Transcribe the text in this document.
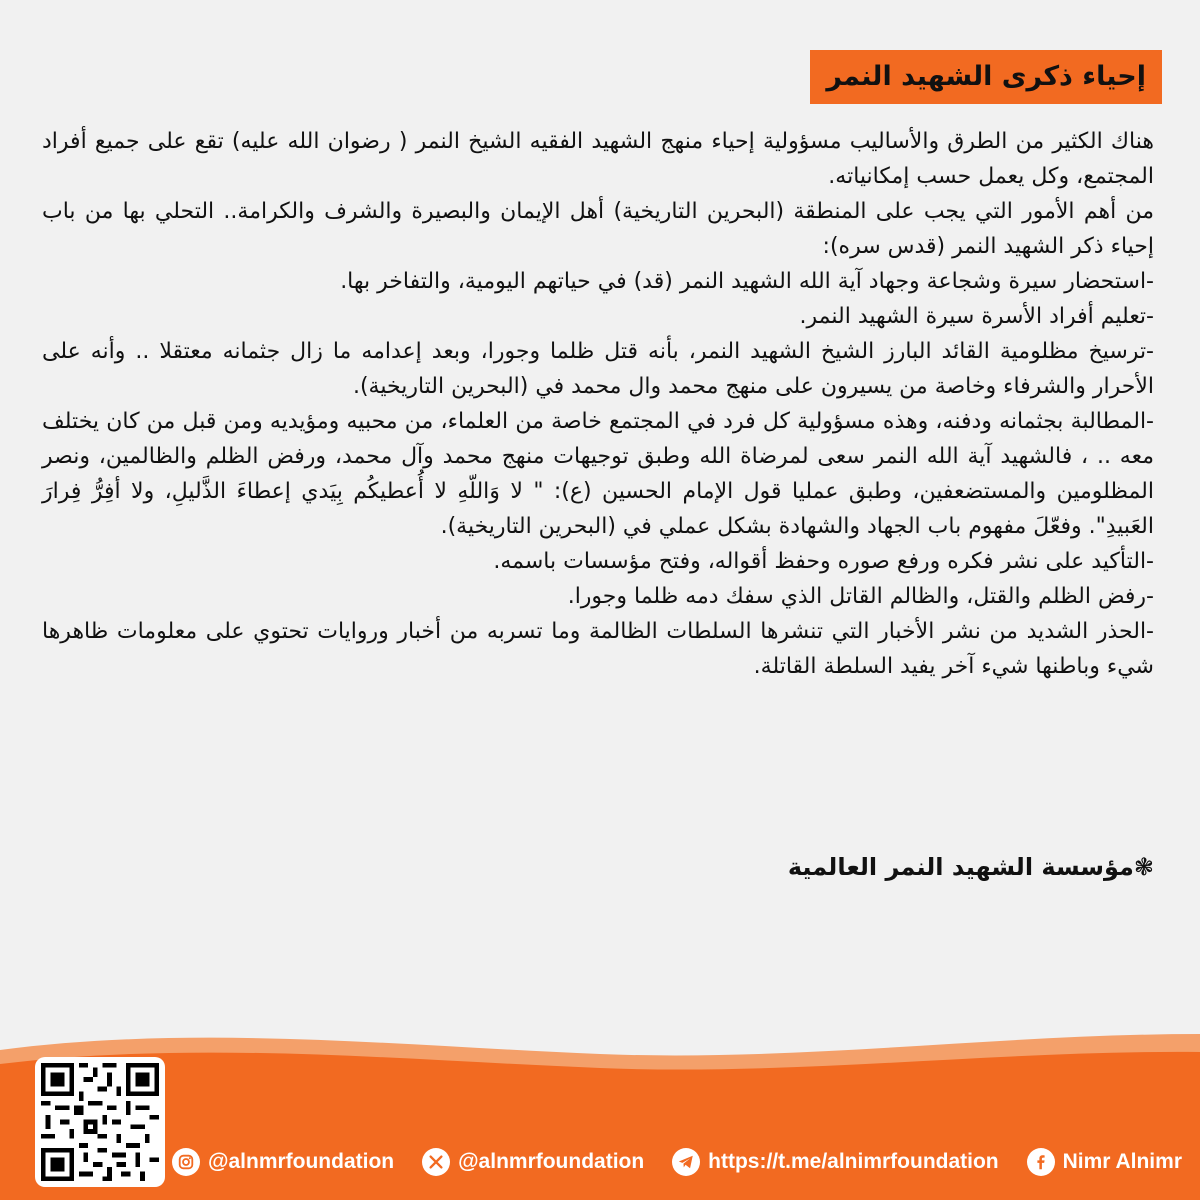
إحياء ذكرى الشهيد النمر

هناك الكثير من الطرق والأساليب مسؤولية إحياء منهج الشهيد الفقيه الشيخ النمر ( رضوان الله عليه) تقع على جميع أفراد المجتمع، وكل يعمل حسب إمكانياته.

من أهم الأمور التي يجب على المنطقة (البحرين التاريخية) أهل الإيمان والبصيرة والشرف والكرامة.. التحلي بها من باب إحياء ذكر الشهيد النمر (قدس سره):

-استحضار سيرة وشجاعة وجهاد آية الله الشهيد النمر (قد) في حياتهم اليومية، والتفاخر بها.

-تعليم أفراد الأسرة سيرة الشهيد النمر.

-ترسيخ مظلومية القائد البارز الشيخ الشهيد النمر، بأنه قتل ظلما وجورا، وبعد إعدامه ما زال جثمانه معتقلا .. وأنه على الأحرار والشرفاء وخاصة من يسيرون على منهج محمد وال محمد في (البحرين التاريخية).

-المطالبة بجثمانه ودفنه، وهذه مسؤولية كل فرد في المجتمع خاصة من العلماء، من محبيه ومؤيديه ومن قبل من كان يختلف معه .. ، فالشهيد آية الله النمر سعى لمرضاة الله وطبق توجيهات منهج محمد وآل محمد، ورفض الظلم والظالمين، ونصر المظلومين والمستضعفين، وطبق عمليا قول الإمام الحسين (ع): " لا وَاللّهِ لا أُعطيكُم بِيَدي إعطاءَ الذَّليلِ، ولا أفِرُّ فِرارَ العَبيدِ". وفعّلَ مفهوم باب الجهاد والشهادة بشكل عملي في (البحرين التاريخية).

-التأكيد على نشر فكره ورفع صوره وحفظ أقواله، وفتح مؤسسات باسمه.

-رفض الظلم والقتل، والظالم القاتل الذي سفك دمه ظلما وجورا.

-الحذر الشديد من نشر الأخبار التي تنشرها السلطات الظالمة وما تسربه من أخبار وروايات تحتوي على معلومات ظاهرها شيء وباطنها شيء آخر يفيد السلطة القاتلة.

❃مؤسسة الشهيد النمر العالمية
@alnmrfoundation	@alnmrfoundation	https://t.me/alnimrfoundation	Nimr Alnimr
